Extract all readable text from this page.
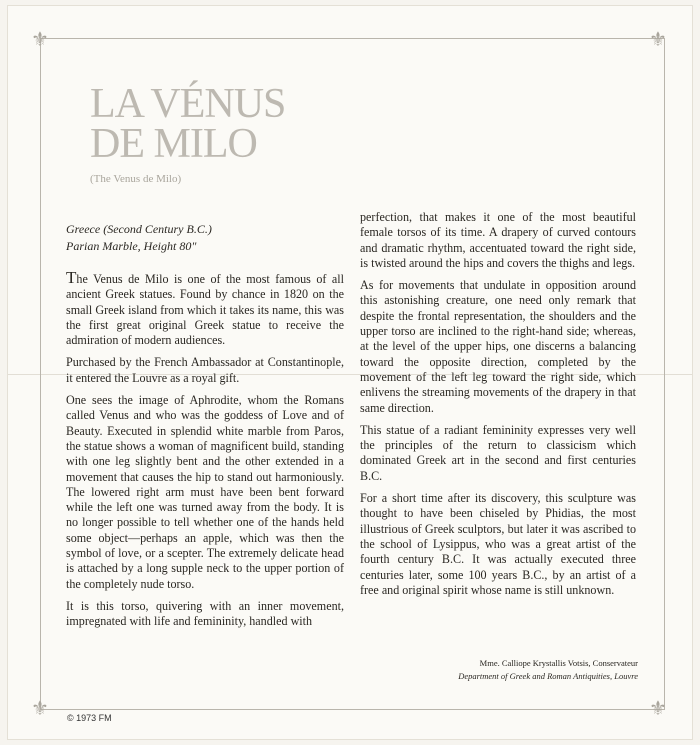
⚜	⚜
⚜	⚜
LA VÉNUS
DE MILO
(The Venus de Milo)
Greece (Second Century B.C.)
Parian Marble, Height 80"

The Venus de Milo is one of the most famous of all ancient Greek statues. Found by chance in 1820 on the small Greek island from which it takes its name, this was the first great original Greek statue to receive the admiration of modern audiences.

Purchased by the French Ambassador at Constantinople, it entered the Louvre as a royal gift.

One sees the image of Aphrodite, whom the Romans called Venus and who was the goddess of Love and of Beauty. Executed in splendid white marble from Paros, the statue shows a woman of magnificent build, standing with one leg slightly bent and the other extended in a movement that causes the hip to stand out harmoniously. The lowered right arm must have been bent forward while the left one was turned away from the body. It is no longer possible to tell whether one of the hands held some object—perhaps an apple, which was then the symbol of love, or a scepter. The extremely delicate head is attached by a long supple neck to the upper portion of the completely nude torso.

It is this torso, quivering with an inner movement, impregnated with life and femininity, handled with

perfection, that makes it one of the most beautiful female torsos of its time. A drapery of curved contours and dramatic rhythm, accentuated toward the right side, is twisted around the hips and covers the thighs and legs.

As for movements that undulate in opposition around this astonishing creature, one need only remark that despite the frontal representation, the shoulders and the upper torso are inclined to the right-hand side; whereas, at the level of the upper hips, one discerns a balancing toward the opposite direction, completed by the movement of the left leg toward the right side, which enlivens the streaming movements of the drapery in that same direction.

This statue of a radiant femininity expresses very well the principles of the return to classicism which dominated Greek art in the second and first centuries B.C.

For a short time after its discovery, this sculpture was thought to have been chiseled by Phidias, the most illustrious of Greek sculptors, but later it was ascribed to the school of Lysippus, who was a great artist of the fourth century B.C. It was actually executed three centuries later, some 100 years B.C., by an artist of a free and original spirit whose name is still unknown.

Mme. Calliope Krystallis Votsis, Conservateur
Department of Greek and Roman Antiquities, Louvre
© 1973 FM
